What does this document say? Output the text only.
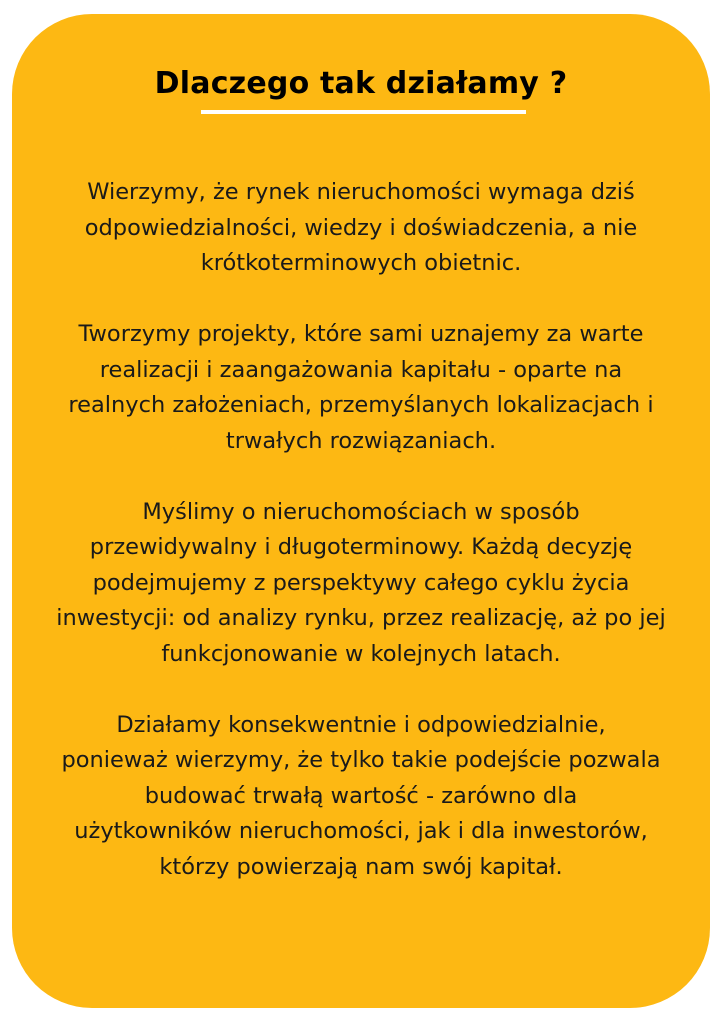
Dlaczego tak działamy ?

Wierzymy, że rynek nieruchomości wymaga dziś
odpowiedzialności, wiedzy i doświadczenia, a nie
krótkoterminowych obietnic.

Tworzymy projekty, które sami uznajemy za warte
realizacji i zaangażowania kapitału - oparte na
realnych założeniach, przemyślanych lokalizacjach i
trwałych rozwiązaniach.

Myślimy o nieruchomościach w sposób
przewidywalny i długoterminowy. Każdą decyzję
podejmujemy z perspektywy całego cyklu życia
inwestycji: od analizy rynku, przez realizację, aż po jej
funkcjonowanie w kolejnych latach.

Działamy konsekwentnie i odpowiedzialnie,
ponieważ wierzymy, że tylko takie podejście pozwala
budować trwałą wartość - zarówno dla
użytkowników nieruchomości, jak i dla inwestorów,
którzy powierzają nam swój kapitał.
